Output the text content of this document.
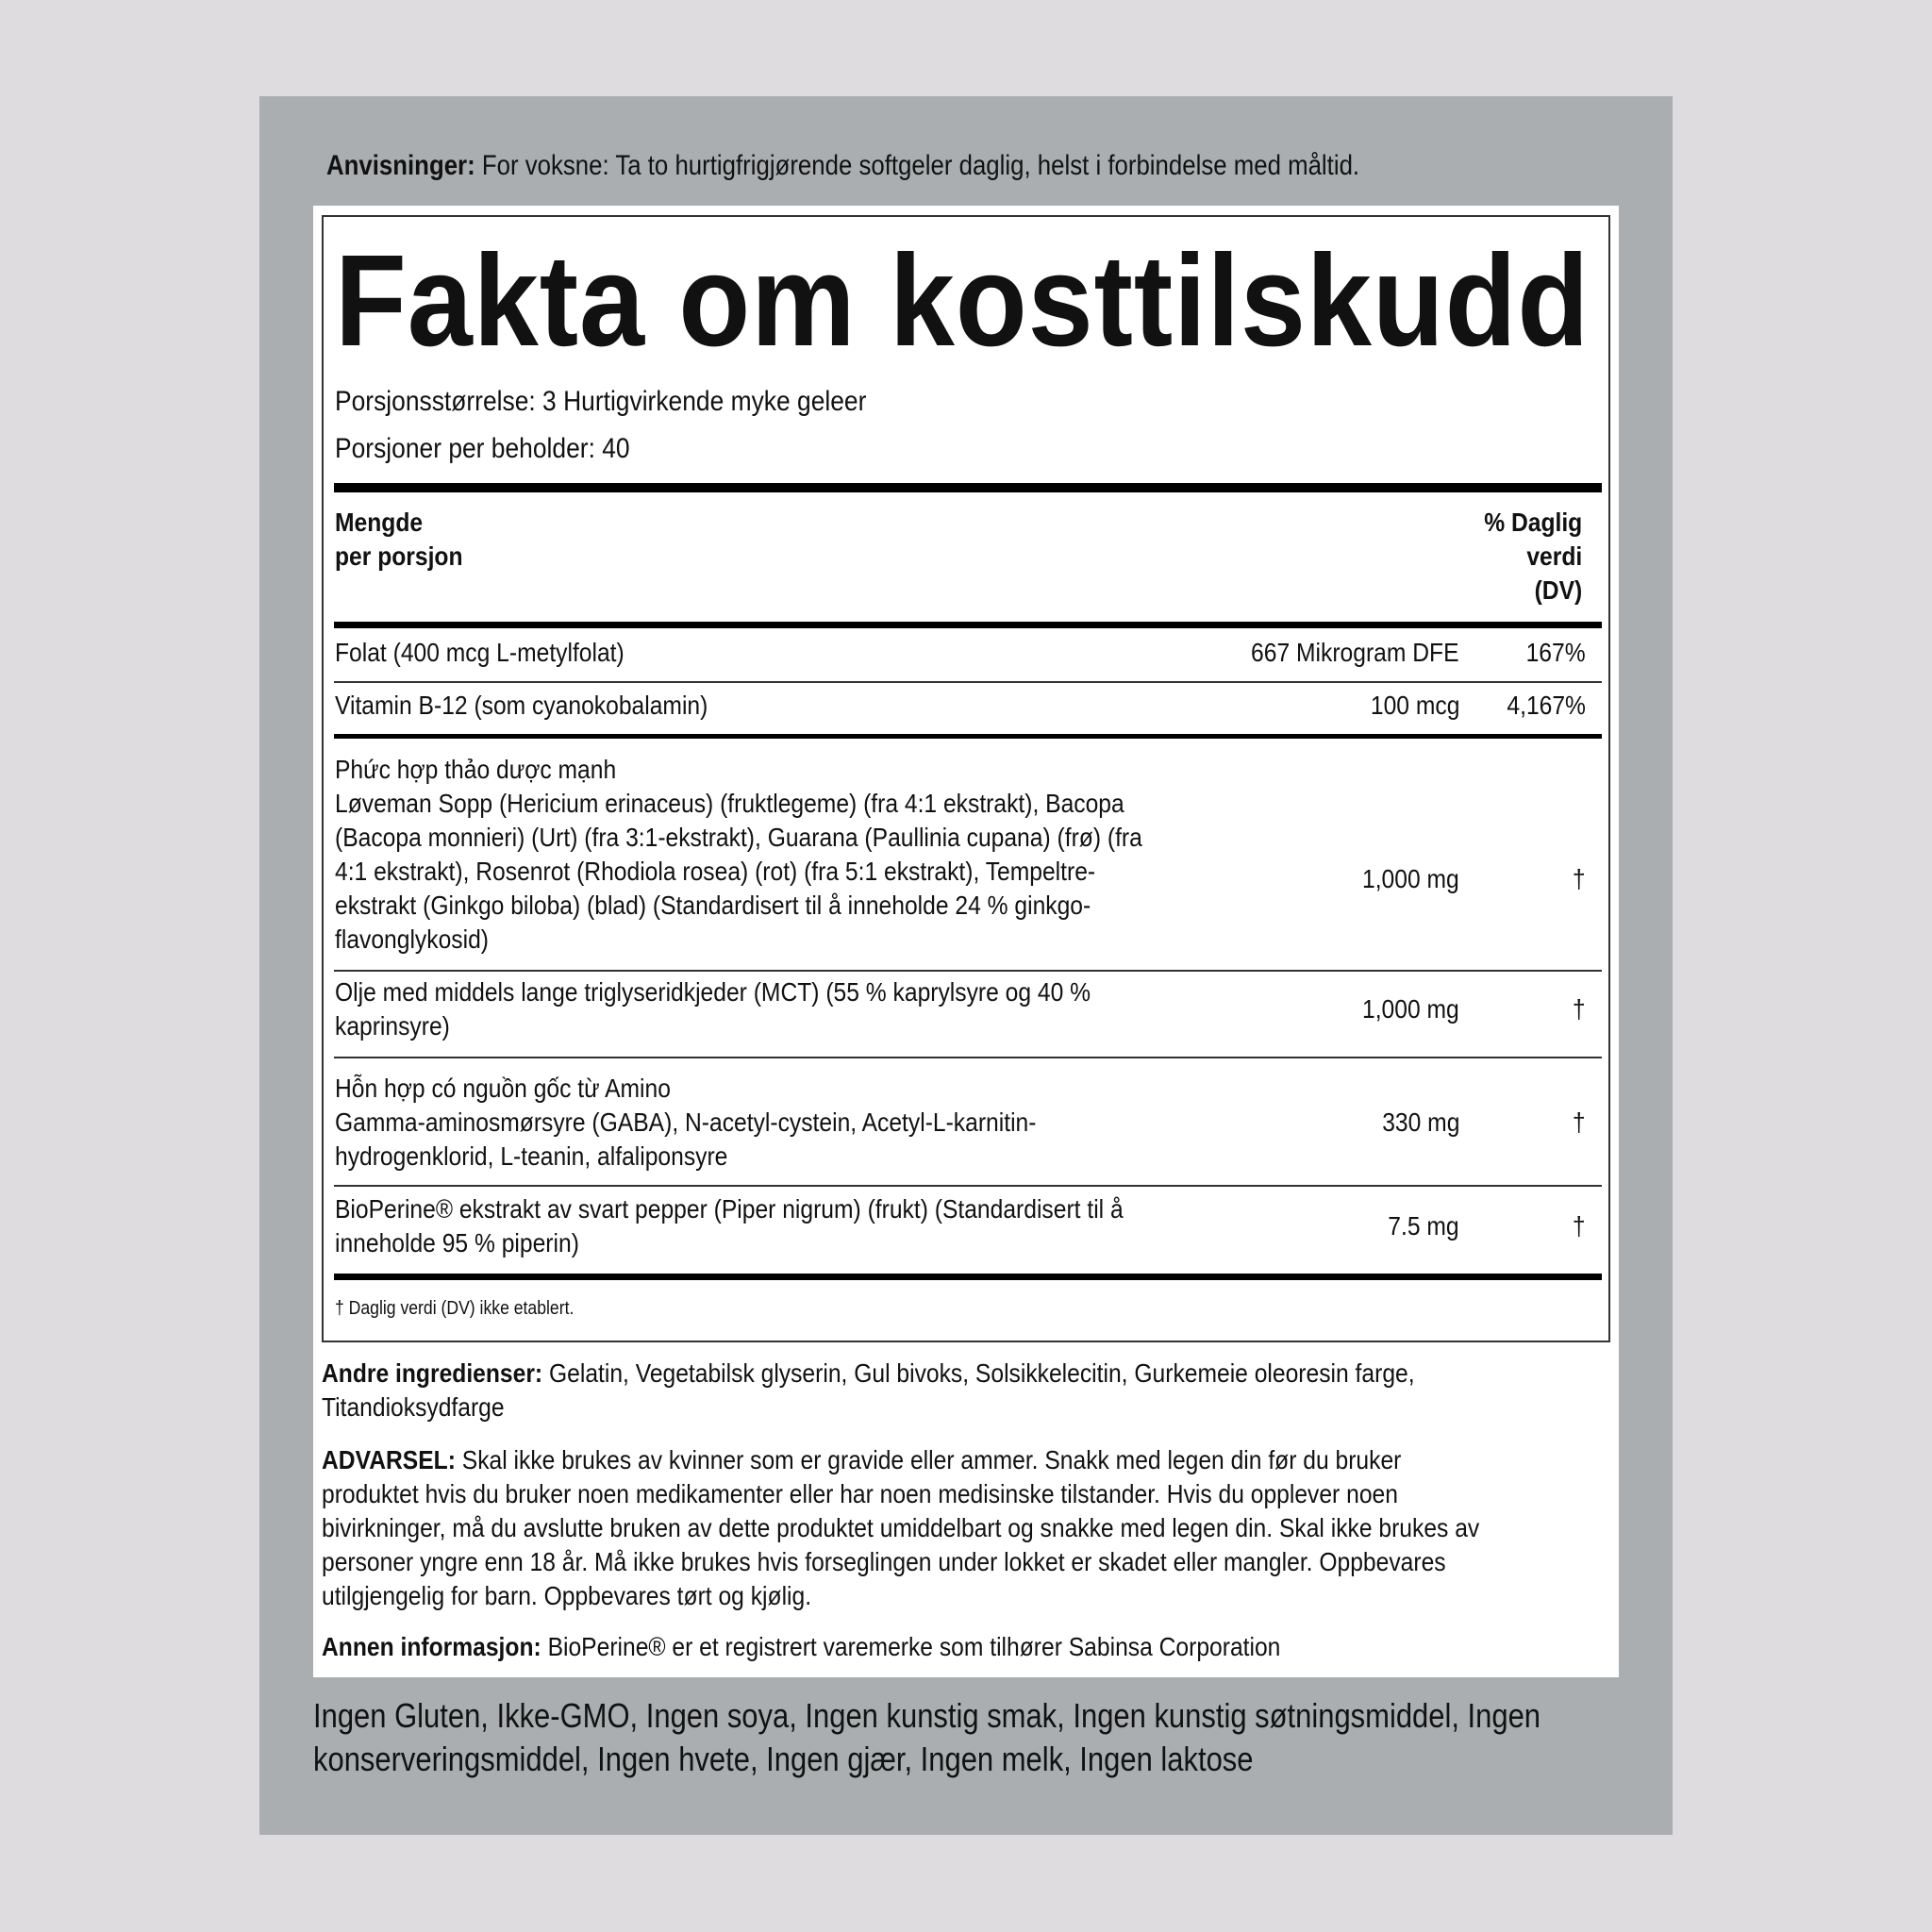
Anvisninger: For voksne: Ta to hurtigfrigjørende softgeler daglig, helst i forbindelse med måltid.
Fakta om kosttilskudd
Porsjonsstørrelse: 3 Hurtigvirkende myke geleer
Porsjoner per beholder: 40
Mengde
per porsjon
% Daglig
verdi
(DV)
Folat (400 mcg L-metylfolat)	667 Mikrogram DFE	167%
Vitamin B-12 (som cyanokobalamin)	100 mcg 4,167%
Phức hợp thảo dược mạnh
Løveman Sopp (Hericium erinaceus) (fruktlegeme) (fra 4:1 ekstrakt), Bacopa (Bacopa monnieri) (Urt) (fra 3:1-ekstrakt), Guarana (Paullinia cupana) (frø) (fra 4:1 ekstrakt), Rosenrot (Rhodiola rosea) (rot) (fra 5:1 ekstrakt), Tempeltre-ekstrakt (Ginkgo biloba) (blad) (Standardisert til å inneholde 24 % ginkgo-flavonglykosid)
1,000 mg	†
Olje med middels lange triglyseridkjeder (MCT) (55 % kaprylsyre og 40 % kaprinsyre)
1,000 mg	†
Hỗn hợp có nguồn gốc từ Amino
Gamma-aminosmørsyre (GABA), N-acetyl-cystein, Acetyl-L-karnitin-hydrogenklorid, L-teanin, alfaliponsyre
330 mg	†
BioPerine® ekstrakt av svart pepper (Piper nigrum) (frukt) (Standardisert til å inneholde 95 % piperin)
7.5 mg	†
† Daglig verdi (DV) ikke etablert.
Andre ingredienser: Gelatin, Vegetabilsk glyserin, Gul bivoks, Solsikkelecitin, Gurkemeie oleoresin farge, Titandioksydfarge
ADVARSEL: Skal ikke brukes av kvinner som er gravide eller ammer. Snakk med legen din før du bruker produktet hvis du bruker noen medikamenter eller har noen medisinske tilstander. Hvis du opplever noen bivirkninger, må du avslutte bruken av dette produktet umiddelbart og snakke med legen din. Skal ikke brukes av personer yngre enn 18 år. Må ikke brukes hvis forseglingen under lokket er skadet eller mangler. Oppbevares utilgjengelig for barn. Oppbevares tørt og kjølig.
Annen informasjon: BioPerine® er et registrert varemerke som tilhører Sabinsa Corporation
Ingen Gluten, Ikke-GMO, Ingen soya, Ingen kunstig smak, Ingen kunstig søtningsmiddel, Ingen konserveringsmiddel, Ingen hvete, Ingen gjær, Ingen melk, Ingen laktose
